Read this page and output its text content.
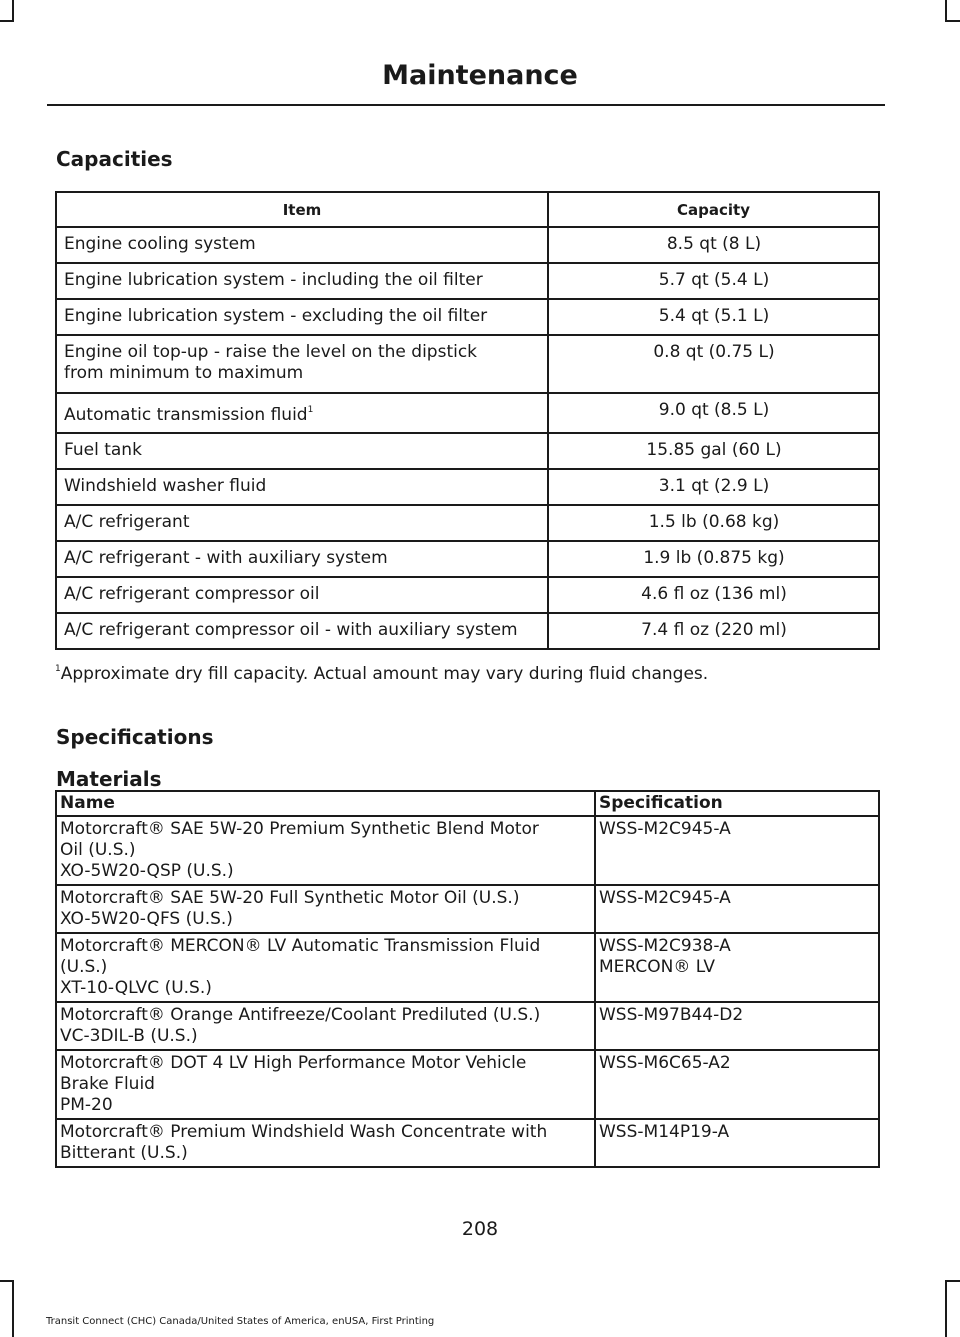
Maintenance
Capacities
Item	Capacity

Engine cooling system	8.5 qt (8 L)

Engine lubrication system - including the oil filter	5.7 qt (5.4 L)

Engine lubrication system - excluding the oil filter	5.4 qt (5.1 L)

Engine oil top-up - raise the level on the dipstick
from minimum to maximum	0.8 qt (0.75 L)
Automatic transmission fluid$^1$	9.0 qt (8.5 L)

Fuel tank	15.85 gal (60 L)

Windshield washer fluid	3.1 qt (2.9 L)

A/C refrigerant	1.5 lb (0.68 kg)

A/C refrigerant - with auxiliary system	1.9 lb (0.875 kg)

A/C refrigerant compressor oil	4.6 fl oz (136 ml)

A/C refrigerant compressor oil - with auxiliary system	7.4 fl oz (220 ml)
$^1$Approximate dry fill capacity. Actual amount may vary during fluid changes.
Specifications
Materials
Name	Specification

Motorcraft® SAE 5W-20 Premium Synthetic Blend Motor
Oil (U.S.)
XO-5W20-QSP (U.S.)	WSS-M2C945-A

Motorcraft® SAE 5W-20 Full Synthetic Motor Oil (U.S.)
XO-5W20-QFS (U.S.)	WSS-M2C945-A

Motorcraft® MERCON® LV Automatic Transmission Fluid
(U.S.)
XT-10-QLVC (U.S.)	WSS-M2C938-A
MERCON® LV

Motorcraft® Orange Antifreeze/Coolant Prediluted (U.S.)
VC-3DIL-B (U.S.)	WSS-M97B44-D2

Motorcraft® DOT 4 LV High Performance Motor Vehicle
Brake Fluid
PM-20	WSS-M6C65-A2

Motorcraft® Premium Windshield Wash Concentrate with
Bitterant (U.S.)	WSS-M14P19-A
208
Transit Connect (CHC) Canada/United States of America, enUSA, First Printing
